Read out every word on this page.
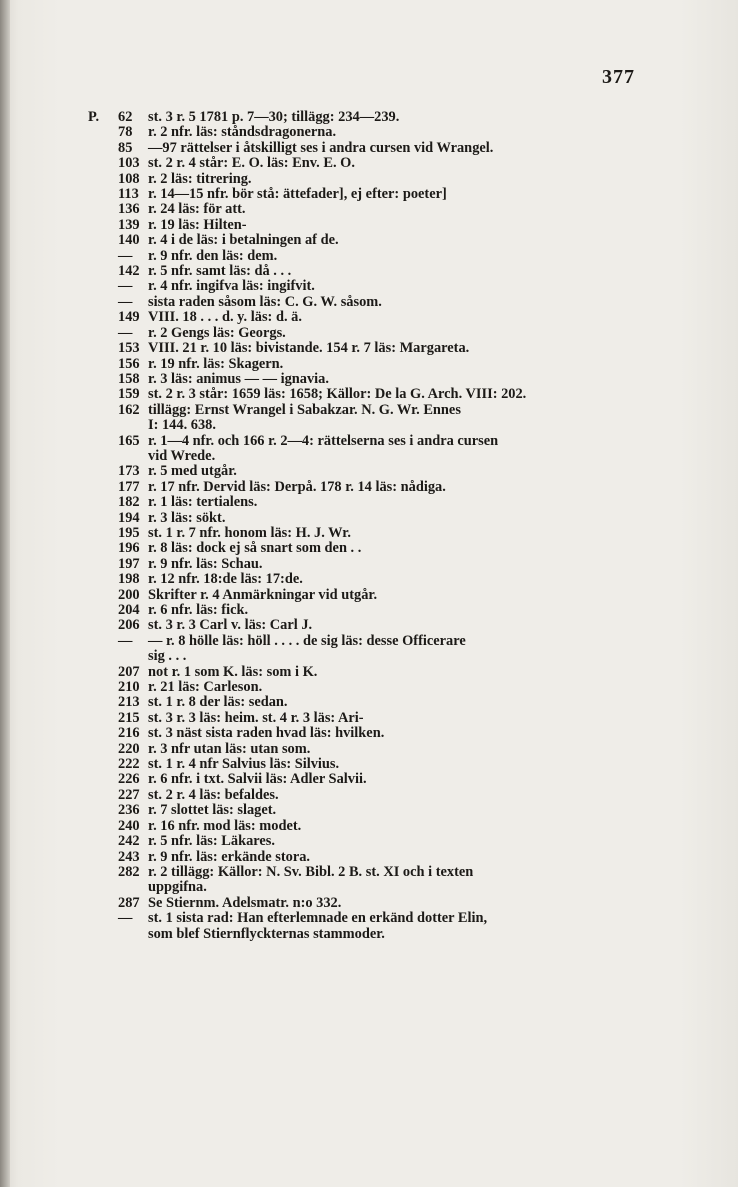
377
P.	62	st. 3 r. 5 1781 p. 7—30; tillägg: 234—239.
78	r. 2 nfr. läs: ståndsdragonerna.
85	—97 rättelser i åtskilligt ses i andra cursen vid Wrangel.
103 st. 2 r. 4 står: E. O. läs: Env. E. O.
108 r. 2 läs: titrering.
113 r. 14—15 nfr. bör stå: ättefader], ej efter: poeter]
136 r. 24 läs: för att.
139 r. 19 läs: Hilten-
140 r. 4 i de läs: i betalningen af de.
—	r. 9 nfr. den läs: dem.
142 r. 5 nfr. samt läs: då . . .
—	r. 4 nfr. ingifva läs: ingifvit.
—	sista raden såsom läs: C. G. W. såsom.
149 VIII. 18 . . . d. y. läs: d. ä.
—	r. 2 Gengs läs: Georgs.
153 VIII. 21 r. 10 läs: bivistande. 154 r. 7 läs: Margareta.
156 r. 19 nfr. läs: Skagern.
158 r. 3 läs: animus — — ignavia.
159 st. 2 r. 3 står: 1659 läs: 1658; Källor: De la G. Arch. VIII: 202.
162 tillägg: Ernst Wrangel i Sabakzar. N. G. Wr. Ennes
I: 144. 638.
165 r. 1—4 nfr. och 166 r. 2—4: rättelserna ses i andra cursen
vid Wrede.
173 r. 5 med utgår.
177 r. 17 nfr. Dervid läs: Derpå. 178 r. 14 läs: nådiga.
182 r. 1 läs: tertialens.
194 r. 3 läs: sökt.
195 st. 1 r. 7 nfr. honom läs: H. J. Wr.
196 r. 8 läs: dock ej så snart som den . .
197 r. 9 nfr. läs: Schau.
198 r. 12 nfr. 18:de läs: 17:de.
200 Skrifter r. 4 Anmärkningar vid utgår.
204 r. 6 nfr. läs: fick.
206 st. 3 r. 3 Carl v. läs: Carl J.
—	— r. 8 hölle läs: höll . . . . de sig läs: desse Officerare
sig . . .
207 not r. 1 som K. läs: som i K.
210 r. 21 läs: Carleson.
213 st. 1 r. 8 der läs: sedan.
215 st. 3 r. 3 läs: heim. st. 4 r. 3 läs: Ari-
216 st. 3 näst sista raden hvad läs: hvilken.
220 r. 3 nfr utan läs: utan som.
222 st. 1 r. 4 nfr Salvius läs: Silvius.
226 r. 6 nfr. i txt. Salvii läs: Adler Salvii.
227 st. 2 r. 4 läs: befaldes.
236 r. 7 slottet läs: slaget.
240 r. 16 nfr. mod läs: modet.
242 r. 5 nfr. läs: Läkares.
243 r. 9 nfr. läs: erkände stora.
282 r. 2 tillägg: Källor: N. Sv. Bibl. 2 B. st. XI och i texten
uppgifna.
287 Se Stiernm. Adelsmatr. n:o 332.
—	st. 1 sista rad: Han efterlemnade en erkänd dotter Elin,
som blef Stiernflyckternas stammoder.
